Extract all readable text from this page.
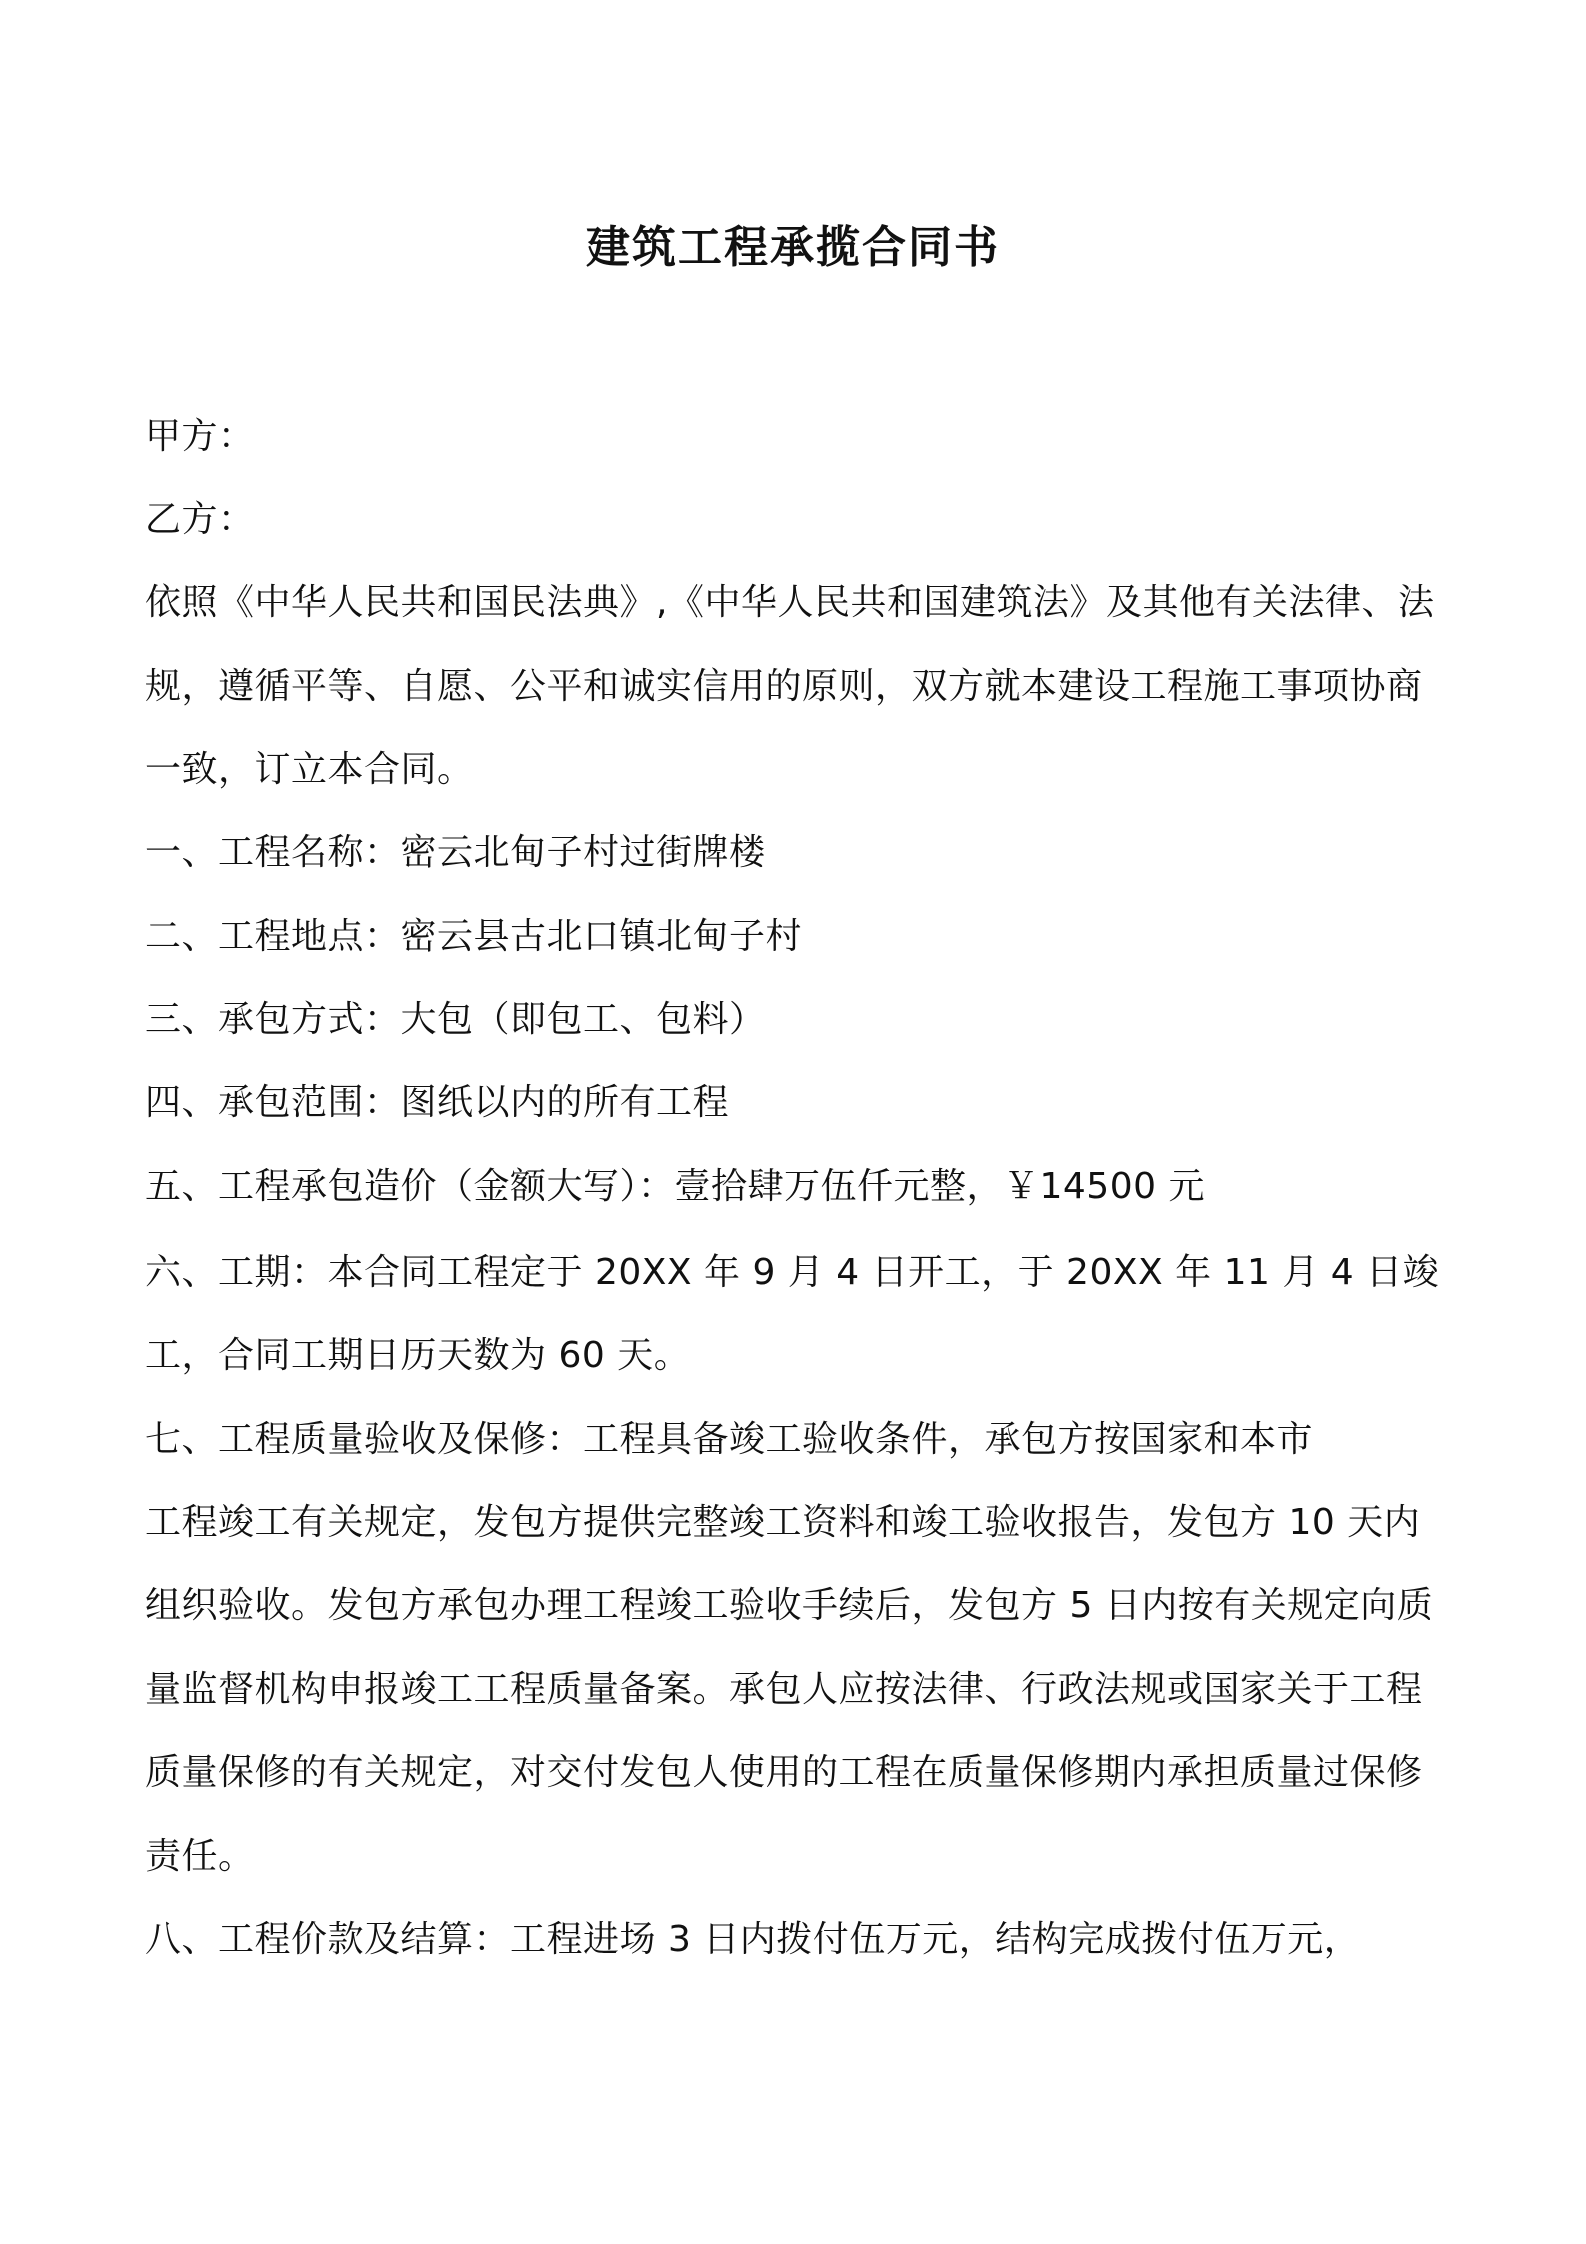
建筑工程承揽合同书
甲方：
乙方：
依照《中华人民共和国民法典》,《中华人民共和国建筑法》及其他有关法律、法
规，遵循平等、自愿、公平和诚实信用的原则，双方就本建设工程施工事项协商
一致，订立本合同。
一、工程名称：密云北甸子村过街牌楼
二、工程地点：密云县古北口镇北甸子村
三、承包方式：大包（即包工、包料）
四、承包范围：图纸以内的所有工程
五、工程承包造价（金额大写）：壹拾肆万伍仟元整，￥14500 元
六、工期：本合同工程定于 20XX 年 9 月 4 日开工，于 20XX 年 11 月 4 日竣
工，合同工期日历天数为 60 天。
七、工程质量验收及保修：工程具备竣工验收条件，承包方按国家和本市
工程竣工有关规定，发包方提供完整竣工资料和竣工验收报告，发包方 10 天内
组织验收。发包方承包办理工程竣工验收手续后，发包方 5 日内按有关规定向质
量监督机构申报竣工工程质量备案。承包人应按法律、行政法规或国家关于工程
质量保修的有关规定，对交付发包人使用的工程在质量保修期内承担质量过保修
责任。
八、工程价款及结算：工程进场 3 日内拨付伍万元，结构完成拨付伍万元，
